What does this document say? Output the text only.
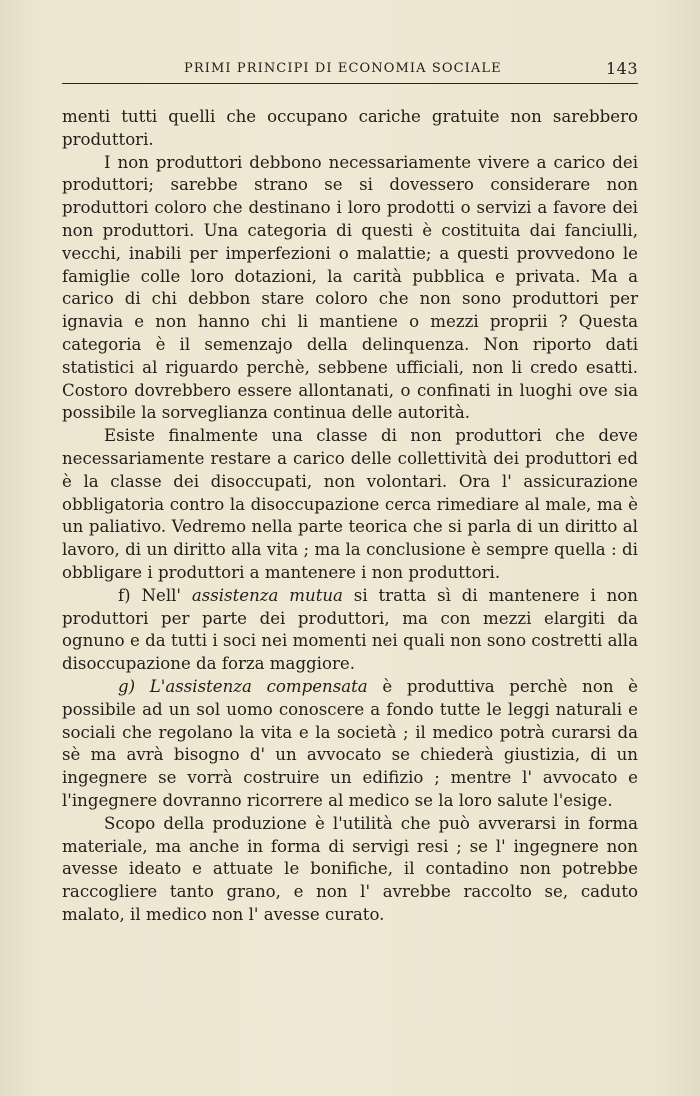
PRIMI PRINCIPI DI ECONOMIA SOCIALE	143

menti tutti quelli che occupano cariche gratuite non sarebbero produttori.

I non produttori debbono necessariamente vivere a carico dei produttori; sarebbe strano se si dovessero considerare non produttori coloro che destinano i loro prodotti o servizi a favore dei non produttori. Una categoria di questi è costituita dai fanciulli, vecchi, inabili per imperfezioni o malattie; a questi provvedono le famiglie colle loro dotazioni, la carità pubblica e privata. Ma a carico di chi debbon stare coloro che non sono produttori per ignavia e non hanno chi li mantiene o mezzi proprii ? Questa categoria è il semenzajo della delinquenza. Non riporto dati statistici al riguardo perchè, sebbene ufficiali, non li credo esatti. Costoro dovrebbero essere allontanati, o confinati in luoghi ove sia possibile la sorveglianza continua delle autorità.

Esiste finalmente una classe di non produttori che deve necessariamente restare a carico delle collettività dei produttori ed è la classe dei disoccupati, non volontari. Ora l' assicurazione obbligatoria contro la disoccupazione cerca rimediare al male, ma è un paliativo. Vedremo nella parte teorica che si parla di un diritto al lavoro, di un diritto alla vita ; ma la conclusione è sempre quella : di obbligare i produttori a mantenere i non produttori.

f) Nell' assistenza mutua si tratta sì di mantenere i non produttori per parte dei produttori, ma con mezzi elargiti da ognuno e da tutti i soci nei momenti nei quali non sono costretti alla disoccupazione da forza maggiore.

g) L'assistenza compensata è produttiva perchè non è possibile ad un sol uomo conoscere a fondo tutte le leggi naturali e sociali che regolano la vita e la società ; il medico potrà curarsi da sè ma avrà bisogno d' un avvocato se chiederà giustizia, di un ingegnere se vorrà costruire un edifizio ; mentre l' avvocato e l'ingegnere dovranno ricorrere al medico se la loro salute l'esige.

Scopo della produzione è l'utilità che può avverarsi in forma materiale, ma anche in forma di servigi resi ; se l' ingegnere non avesse ideato e attuate le bonifiche, il contadino non potrebbe raccogliere tanto grano, e non l' avrebbe raccolto se, caduto malato, il medico non l' avesse curato.
